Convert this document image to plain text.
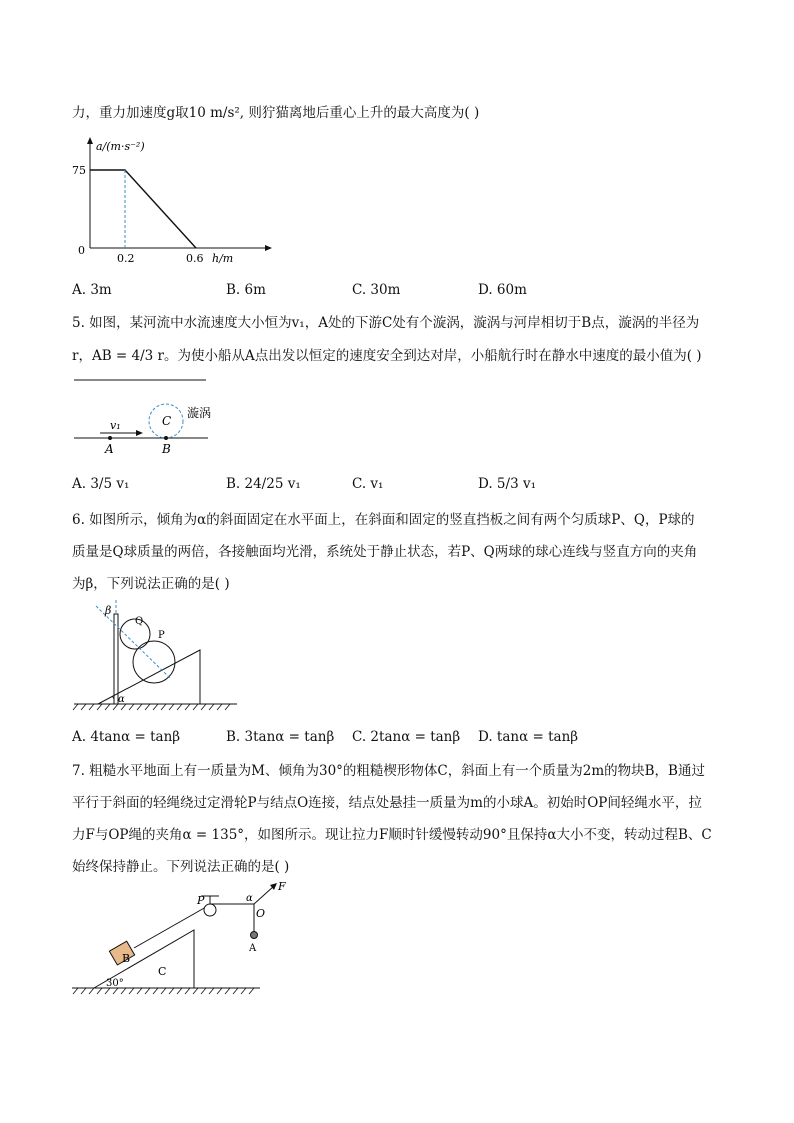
力，重力加速度g取10 m/s², 则狞猫离地后重心上升的最大高度为( )
a/(m·s⁻²)
75
0
0.2	0.6 h/m
A. 3m	B. 6m	C. 30m	D. 60m
5. 如图，某河流中水流速度大小恒为v₁，A处的下游C处有个漩涡，漩涡与河岸相切于B点，漩涡的半径为
r，AB = 4/3 r。为使小船从A点出发以恒定的速度安全到达对岸，小船航行时在静水中速度的最小值为( )
v₁	C
漩涡
A	B
A. 3/5 v₁	B. 24/25 v₁	C. v₁	D. 5/3 v₁
6. 如图所示，倾角为α的斜面固定在水平面上，在斜面和固定的竖直挡板之间有两个匀质球P、Q，P球的
质量是Q球质量的两倍，各接触面均光滑，系统处于静止状态，若P、Q两球的球心连线与竖直方向的夹角
为β，下列说法正确的是( )
β
Q
P
α
A. 4tanα = tanβ	B. 3tanα = tanβ C. 2tanα = tanβ D. tanα = tanβ
7. 粗糙水平地面上有一质量为M、倾角为30°的粗糙楔形物体C，斜面上有一个质量为2m的物块B，B通过
平行于斜面的轻绳绕过定滑轮P与结点O连接，结点处悬挂一质量为m的小球A。初始时OP间轻绳水平，拉
力F与OP绳的夹角α = 135°，如图所示。现让拉力F顺时针缓慢转动90°且保持α大小不变，转动过程B、C
始终保持静止。下列说法正确的是( )
F
P	α
O
A
B
C
30°
